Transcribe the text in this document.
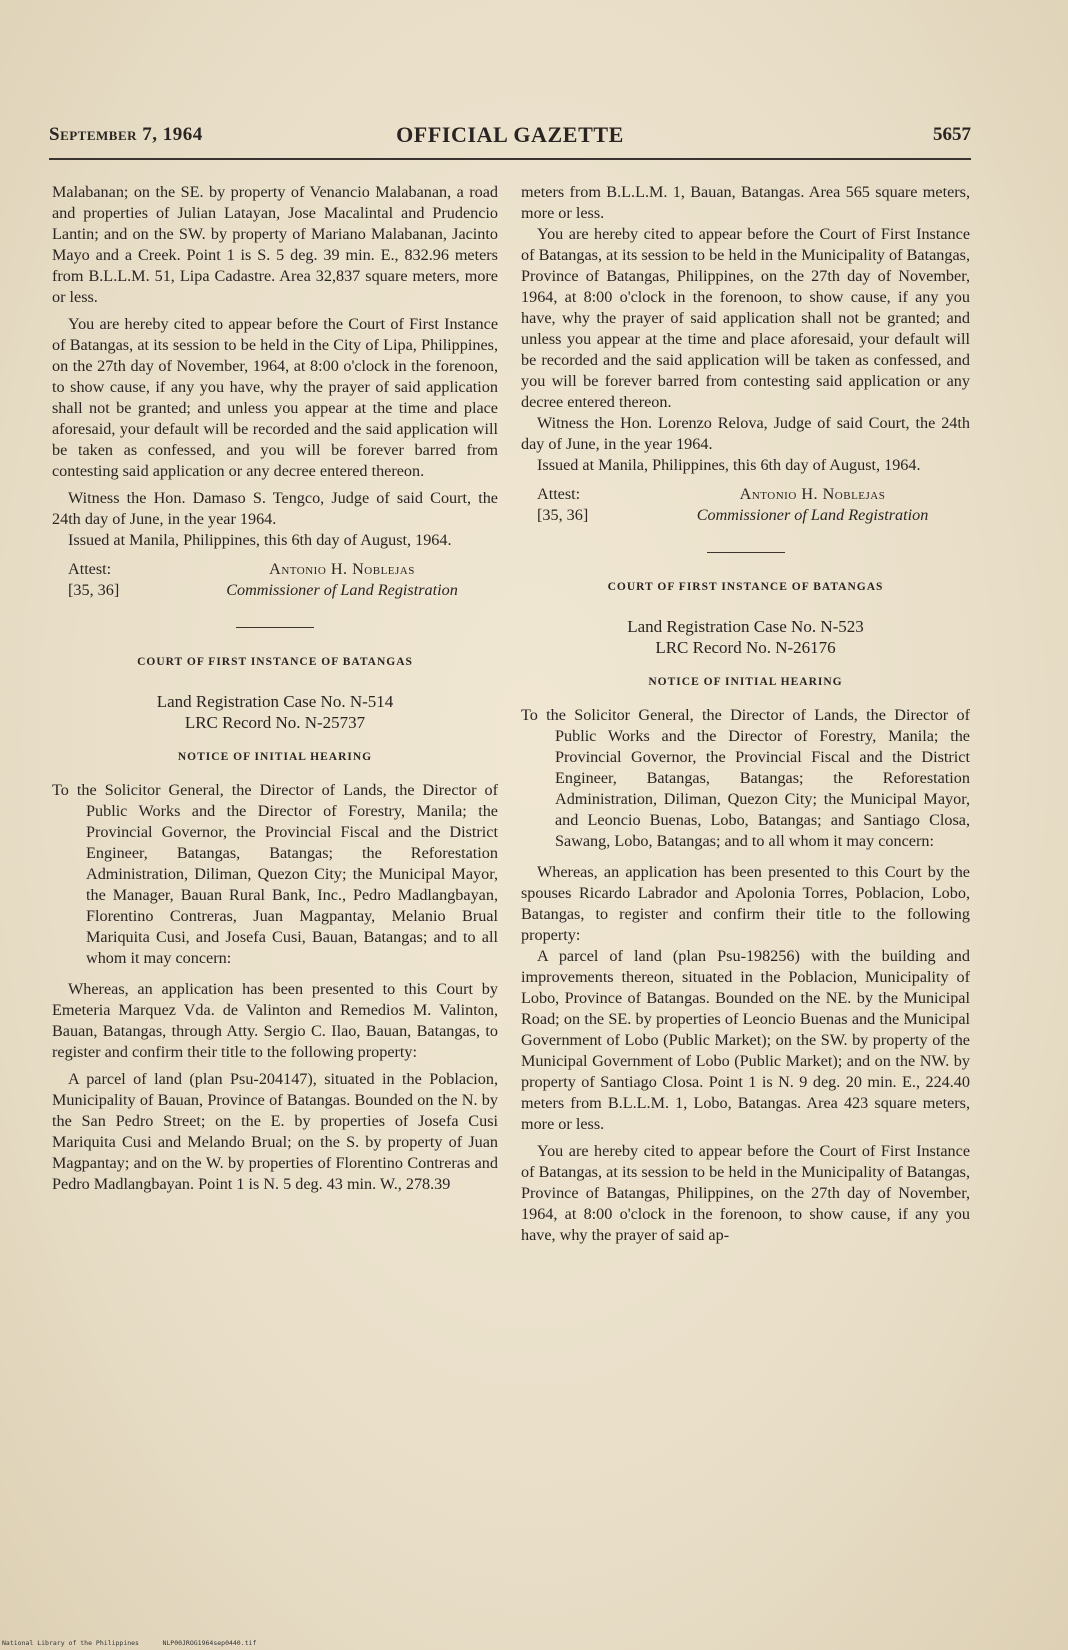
September 7, 1964	OFFICIAL GAZETTE	5657

Malabanan; on the SE. by property of Venancio Malabanan, a road and properties of Julian Latayan, Jose Macalintal and Prudencio Lantin; and on the SW. by property of Mariano Malabanan, Jacinto Mayo and a Creek. Point 1 is S. 5 deg. 39 min. E., 832.96 meters from B.L.L.M. 51, Lipa Cadastre. Area 32,837 square meters, more or less.

You are hereby cited to appear before the Court of First Instance of Batangas, at its session to be held in the City of Lipa, Philippines, on the 27th day of November, 1964, at 8:00 o'clock in the forenoon, to show cause, if any you have, why the prayer of said application shall not be granted; and unless you appear at the time and place aforesaid, your default will be recorded and the said application will be taken as confessed, and you will be forever barred from contesting said application or any decree entered thereon.

Witness the Hon. Damaso S. Tengco, Judge of said Court, the 24th day of June, in the year 1964.

Issued at Manila, Philippines, this 6th day of August, 1964.

Attest:	Antonio H. Noblejas
[35, 36]	Commissioner of Land Registration
COURT OF FIRST INSTANCE OF BATANGAS
Land Registration Case No. N-514
LRC Record No. N-25737
NOTICE OF INITIAL HEARING

To the Solicitor General, the Director of Lands, the Director of Public Works and the Director of Forestry, Manila; the Provincial Governor, the Provincial Fiscal and the District Engineer, Batangas, Batangas; the Reforestation Administration, Diliman, Quezon City; the Municipal Mayor, the Manager, Bauan Rural Bank, Inc., Pedro Madlangbayan, Florentino Contreras, Juan Magpantay, Melanio Brual Mariquita Cusi, and Josefa Cusi, Bauan, Batangas; and to all whom it may concern:

Whereas, an application has been presented to this Court by Emeteria Marquez Vda. de Valinton and Remedios M. Valinton, Bauan, Batangas, through Atty. Sergio C. Ilao, Bauan, Batangas, to register and confirm their title to the following property:

A parcel of land (plan Psu-204147), situated in the Poblacion, Municipality of Bauan, Province of Batangas. Bounded on the N. by the San Pedro Street; on the E. by properties of Josefa Cusi Mariquita Cusi and Melando Brual; on the S. by property of Juan Magpantay; and on the W. by properties of Florentino Contreras and Pedro Madlangbayan. Point 1 is N. 5 deg. 43 min. W., 278.39

meters from B.L.L.M. 1, Bauan, Batangas. Area 565 square meters, more or less.

You are hereby cited to appear before the Court of First Instance of Batangas, at its session to be held in the Municipality of Batangas, Province of Batangas, Philippines, on the 27th day of November, 1964, at 8:00 o'clock in the forenoon, to show cause, if any you have, why the prayer of said application shall not be granted; and unless you appear at the time and place aforesaid, your default will be recorded and the said application will be taken as confessed, and you will be forever barred from contesting said application or any decree entered thereon.

Witness the Hon. Lorenzo Relova, Judge of said Court, the 24th day of June, in the year 1964.

Issued at Manila, Philippines, this 6th day of August, 1964.

Attest:	Antonio H. Noblejas
[35, 36]	Commissioner of Land Registration
COURT OF FIRST INSTANCE OF BATANGAS
Land Registration Case No. N-523
LRC Record No. N-26176
NOTICE OF INITIAL HEARING

To the Solicitor General, the Director of Lands, the Director of Public Works and the Director of Forestry, Manila; the Provincial Governor, the Provincial Fiscal and the District Engineer, Batangas, Batangas; the Reforestation Administration, Diliman, Quezon City; the Municipal Mayor, and Leoncio Buenas, Lobo, Batangas; and Santiago Closa, Sawang, Lobo, Batangas; and to all whom it may concern:

Whereas, an application has been presented to this Court by the spouses Ricardo Labrador and Apolonia Torres, Poblacion, Lobo, Batangas, to register and confirm their title to the following property:

A parcel of land (plan Psu-198256) with the building and improvements thereon, situated in the Poblacion, Municipality of Lobo, Province of Batangas. Bounded on the NE. by the Municipal Road; on the SE. by properties of Leoncio Buenas and the Municipal Government of Lobo (Public Market); on the SW. by property of the Municipal Government of Lobo (Public Market); and on the NW. by property of Santiago Closa. Point 1 is N. 9 deg. 20 min. E., 224.40 meters from B.L.L.M. 1, Lobo, Batangas. Area 423 square meters, more or less.

You are hereby cited to appear before the Court of First Instance of Batangas, at its session to be held in the Municipality of Batangas, Province of Batangas, Philippines, on the 27th day of November, 1964, at 8:00 o'clock in the forenoon, to show cause, if any you have, why the prayer of said ap-

National Library of the Philippines	NLP00JROG1964sep0440.tif
